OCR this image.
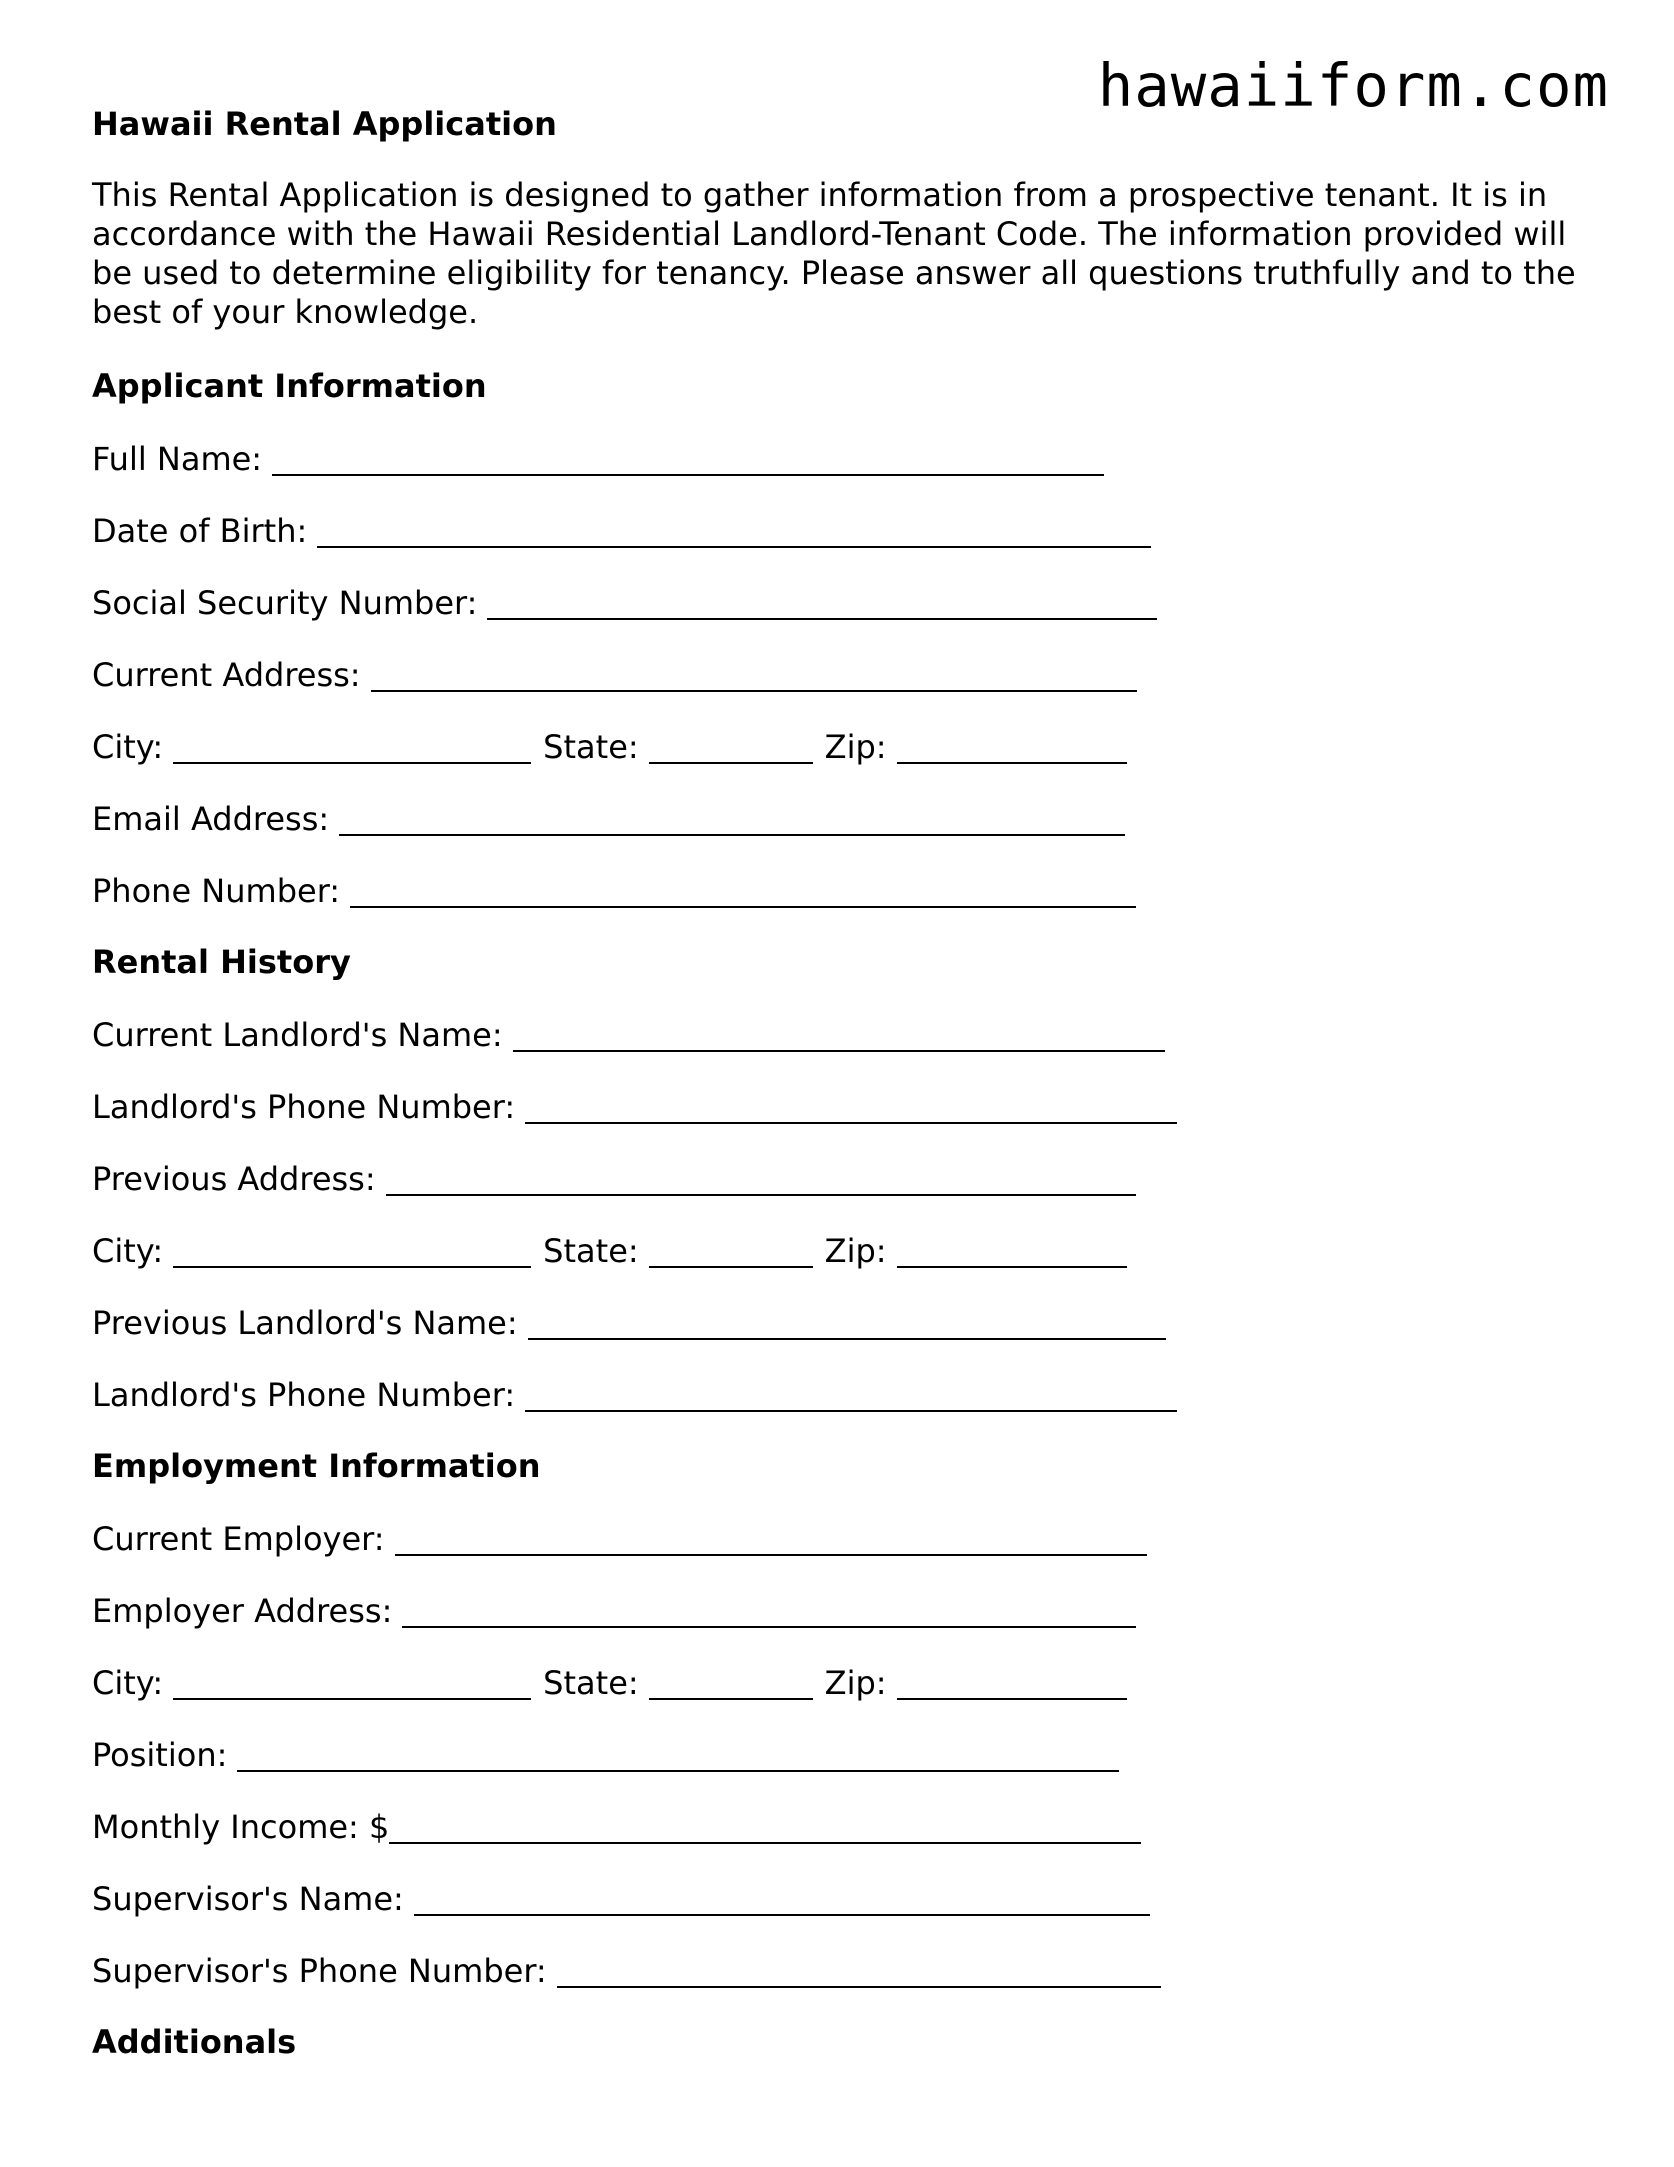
hawaiiform.com

Hawaii Rental Application

This Rental Application is designed to gather information from a prospective tenant. It is in accordance with the Hawaii Residential Landlord-Tenant Code. The information provided will be used to determine eligibility for tenancy. Please answer all questions truthfully and to the best of your knowledge.

Applicant Information
Full Name:
Date of Birth:
Social Security Number:
Current Address:
City:	State:	Zip:
Email Address:
Phone Number:
Rental History
Current Landlord's Name:
Landlord's Phone Number:
Previous Address:
City:	State:	Zip:
Previous Landlord's Name:
Landlord's Phone Number:
Employment Information
Current Employer:
Employer Address:
City:	State:	Zip:
Position:
Monthly Income: $
Supervisor's Name:
Supervisor's Phone Number:
Additionals
